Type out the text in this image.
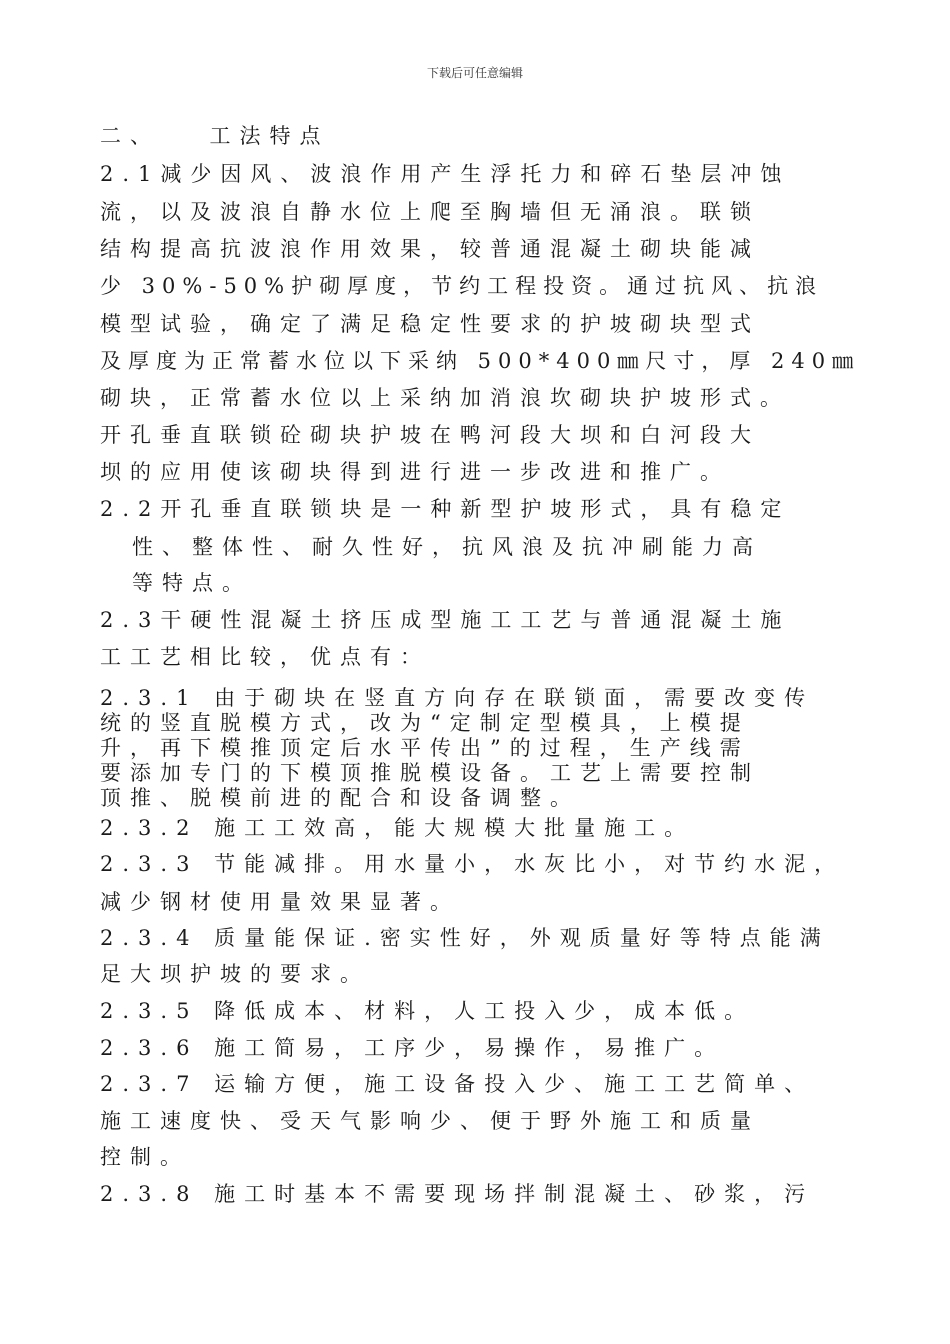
下载后可任意编辑
二、　　工法特点
2.1减少因风、波浪作用产生浮托力和碎石垫层冲蚀
流，以及波浪自静水位上爬至胸墙但无涌浪。联锁
结构提高抗波浪作用效果，较普通混凝土砌块能减
少 30%-50%护砌厚度，节约工程投资。通过抗风、抗浪
模型试验，确定了满足稳定性要求的护坡砌块型式
及厚度为正常蓄水位以下采纳 500*400㎜尺寸，厚 240㎜
砌块，正常蓄水位以上采纳加消浪坎砌块护坡形式。
开孔垂直联锁砼砌块护坡在鸭河段大坝和白河段大
坝的应用使该砌块得到进行进一步改进和推广。
2.2开孔垂直联锁块是一种新型护坡形式，具有稳定
性、整体性、耐久性好，抗风浪及抗冲刷能力高
等特点。
2.3干硬性混凝土挤压成型施工工艺与普通混凝土施
工工艺相比较，优点有：
2.3.1 由于砌块在竖直方向存在联锁面，需要改变传
统的竖直脱模方式，改为“定制定型模具，上模提
升，再下模推顶定后水平传出”的过程，生产线需
要添加专门的下模顶推脱模设备。工艺上需要控制
顶推、脱模前进的配合和设备调整。
2.3.2 施工工效高，能大规模大批量施工。
2.3.3 节能减排。用水量小，水灰比小，对节约水泥，
减少钢材使用量效果显著。
2.3.4 质量能保证.密实性好，外观质量好等特点能满
足大坝护坡的要求。
2.3.5 降低成本、材料，人工投入少，成本低。
2.3.6 施工简易，工序少，易操作，易推广。
2.3.7 运输方便，施工设备投入少、施工工艺简单、
施工速度快、受天气影响少、便于野外施工和质量
控制。
2.3.8 施工时基本不需要现场拌制混凝土、砂浆，污
